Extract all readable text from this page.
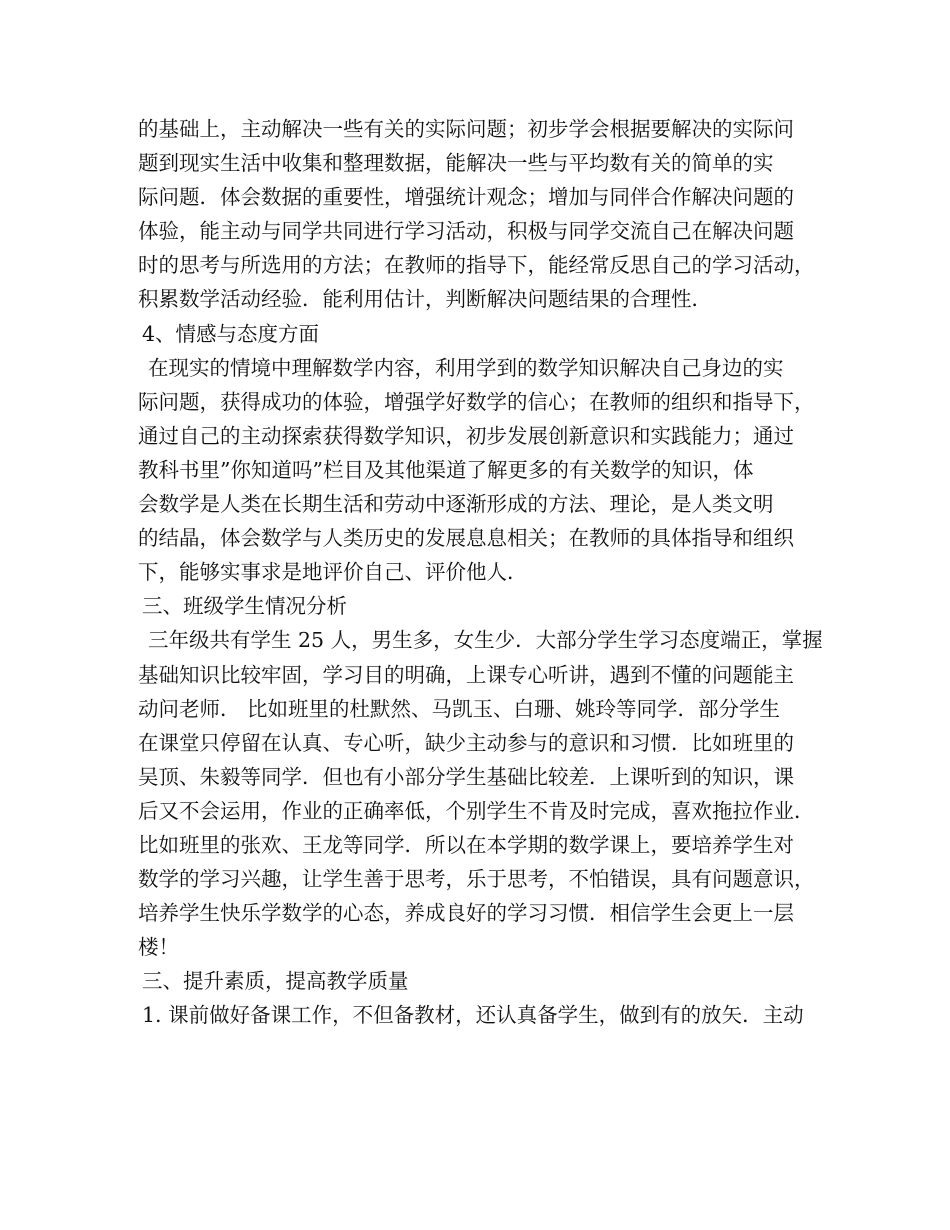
的基础上，主动解决一些有关的实际问题；初步学会根据要解决的实际问
题到现实生活中收集和整理数据，能解决一些与平均数有关的简单的实
际问题．体会数据的重要性，增强统计观念；增加与同伴合作解决问题的
体验，能主动与同学共同进行学习活动，积极与同学交流自己在解决问题
时的思考与所选用的方法；在教师的指导下，能经常反思自己的学习活动，
积累数学活动经验．能利用估计，判断解决问题结果的合理性．
4、情感与态度方面
在现实的情境中理解数学内容，利用学到的数学知识解决自己身边的实
际问题，获得成功的体验，增强学好数学的信心；在教师的组织和指导下，
通过自己的主动探索获得数学知识，初步发展创新意识和实践能力；通过
教科书里”你知道吗”栏目及其他渠道了解更多的有关数学的知识，体
会数学是人类在长期生活和劳动中逐渐形成的方法、理论，是人类文明
的结晶，体会数学与人类历史的发展息息相关；在教师的具体指导和组织
下，能够实事求是地评价自己、评价他人．
三、班级学生情况分析
三年级共有学生 25 人，男生多，女生少．大部分学生学习态度端正，掌握
基础知识比较牢固，学习目的明确，上课专心听讲，遇到不懂的问题能主
动问老师． 比如班里的杜默然、马凯玉、白珊、姚玲等同学．部分学生
在课堂只停留在认真、专心听，缺少主动参与的意识和习惯．比如班里的
吴顶、朱毅等同学．但也有小部分学生基础比较差．上课听到的知识，课
后又不会运用，作业的正确率低，个别学生不肯及时完成，喜欢拖拉作业．
比如班里的张欢、王龙等同学．所以在本学期的数学课上，要培养学生对
数学的学习兴趣，让学生善于思考，乐于思考，不怕错误，具有问题意识，
培养学生快乐学数学的心态，养成良好的学习习惯．相信学生会更上一层
楼！
三、提升素质，提高教学质量
1. 课前做好备课工作，不但备教材，还认真备学生，做到有的放矢．主动
